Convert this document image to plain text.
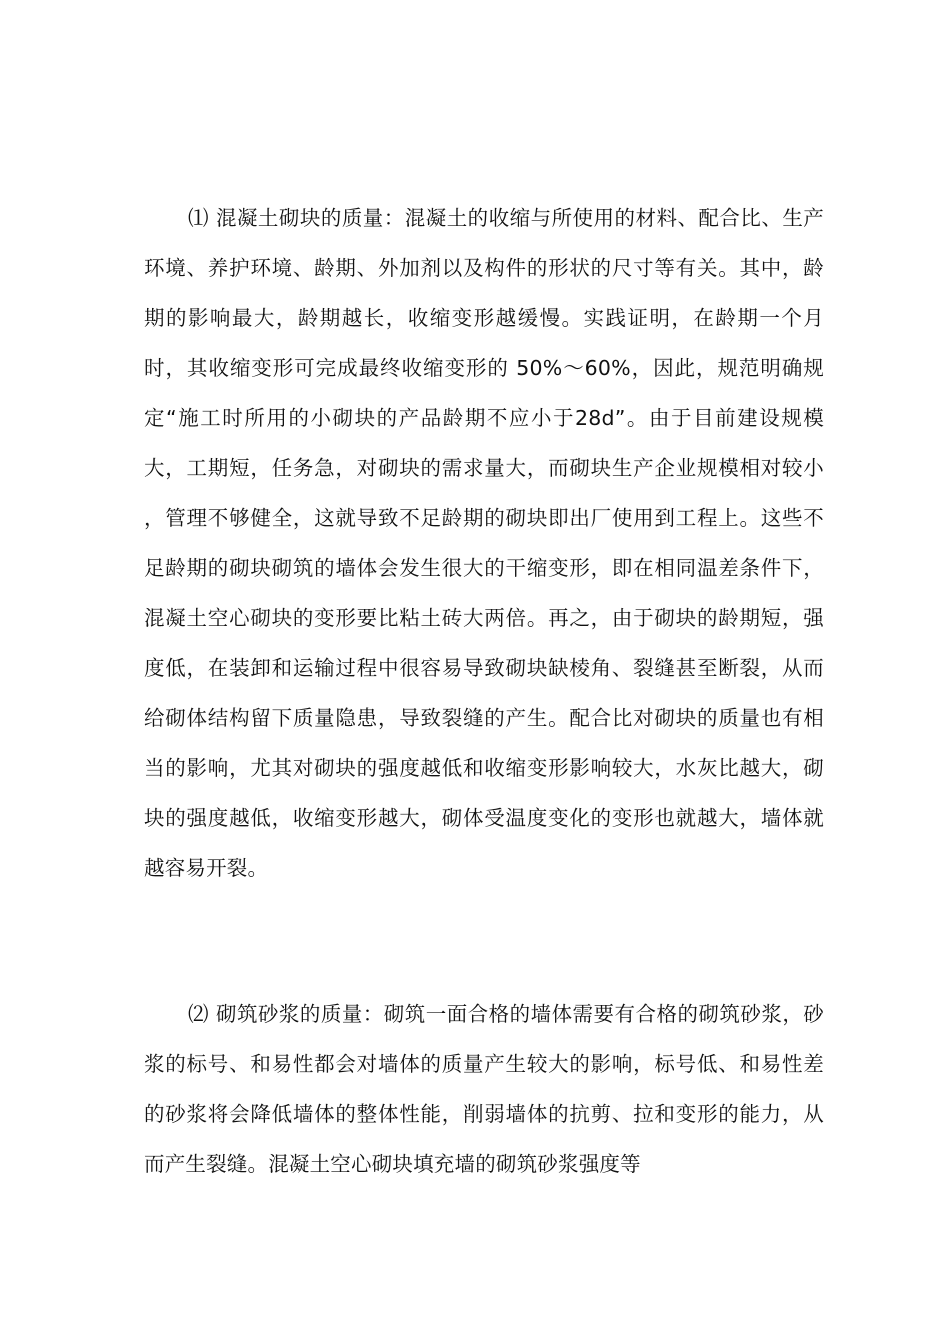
⑴ 混凝土砌块的质量：混凝土的收缩与所使用的材料、配合比、生产环境、养护环境、龄期、外加剂以及构件的形状的尺寸等有关。其中，龄期的影响最大，龄期越长，收缩变形越缓慢。实践证明，在龄期一个月时，其收缩变形可完成最终收缩变形的 50%～60%，因此，规范明确规定“施工时所用的小砌块的产品龄期不应小于28d”。由于目前建设规模大，工期短，任务急，对砌块的需求量大，而砌块生产企业规模相对较小 ，管理不够健全，这就导致不足龄期的砌块即出厂使用到工程上。这些不足龄期的砌块砌筑的墙体会发生很大的干缩变形，即在相同温差条件下，混凝土空心砌块的变形要比粘土砖大两倍。再之，由于砌块的龄期短，强度低，在装卸和运输过程中很容易导致砌块缺棱角、裂缝甚至断裂，从而给砌体结构留下质量隐患，导致裂缝的产生。配合比对砌块的质量也有相当的影响，尤其对砌块的强度越低和收缩变形影响较大，水灰比越大，砌块的强度越低，收缩变形越大，砌体受温度变化的变形也就越大，墙体就越容易开裂。

⑵ 砌筑砂浆的质量：砌筑一面合格的墙体需要有合格的砌筑砂浆，砂浆的标号、和易性都会对墙体的质量产生较大的影响，标号低、和易性差的砂浆将会降低墙体的整体性能，削弱墙体的抗剪、拉和变形的能力，从而产生裂缝。混凝土空心砌块填充墙的砌筑砂浆强度等
